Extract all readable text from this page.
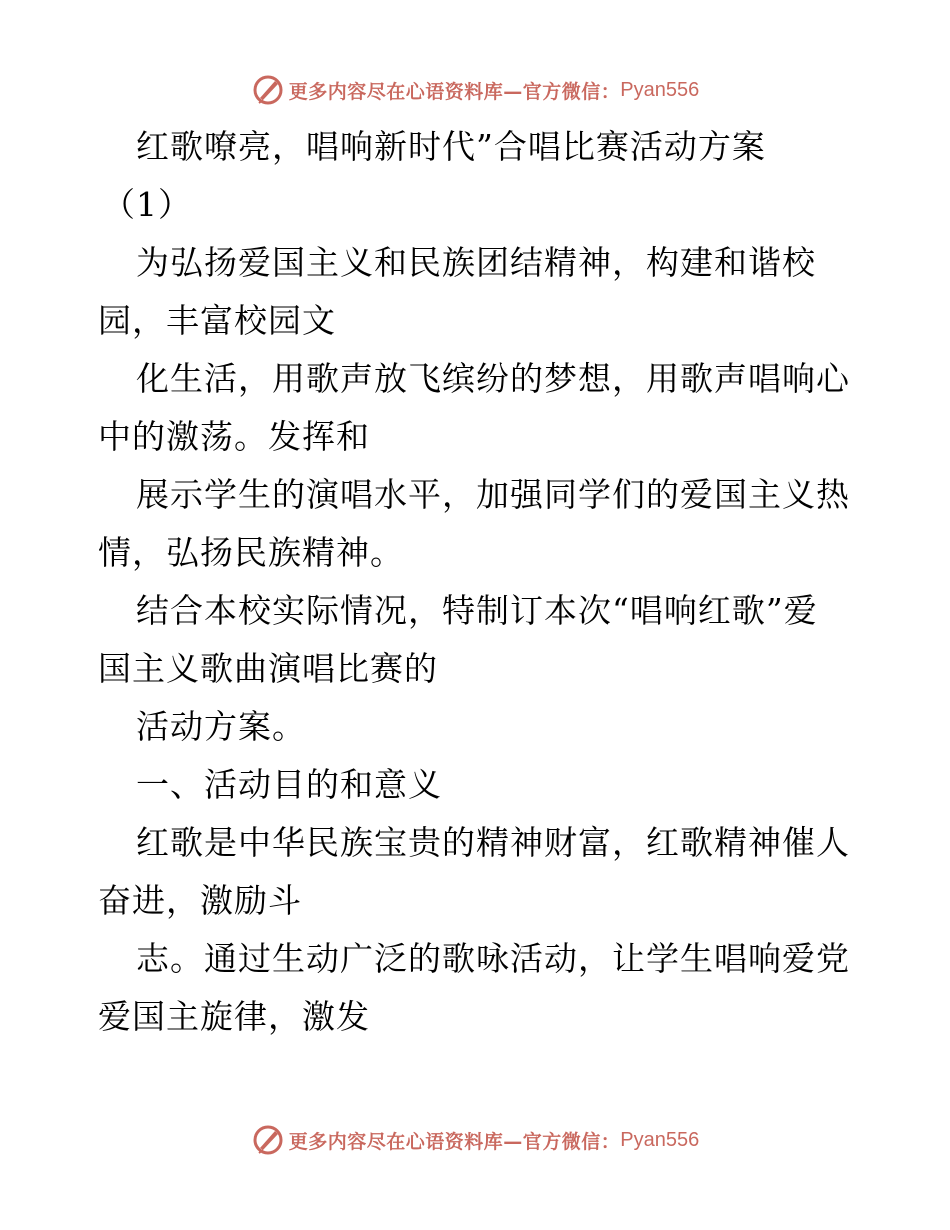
更多内容尽在心语资料库—官方微信： Pyan556
红歌嘹亮，唱响新时代”合唱比赛活动方案
（1）
为弘扬爱国主义和民族团结精神，构建和谐校
园，丰富校园文
化生活，用歌声放飞缤纷的梦想，用歌声唱响心
中的激荡。发挥和
展示学生的演唱水平，加强同学们的爱国主义热
情，弘扬民族精神。
结合本校实际情况，特制订本次“唱响红歌”爱
国主义歌曲演唱比赛的
活动方案。
一、活动目的和意义
红歌是中华民族宝贵的精神财富，红歌精神催人
奋进，激励斗
志。通过生动广泛的歌咏活动，让学生唱响爱党
爱国主旋律，激发
更多内容尽在心语资料库—官方微信： Pyan556
